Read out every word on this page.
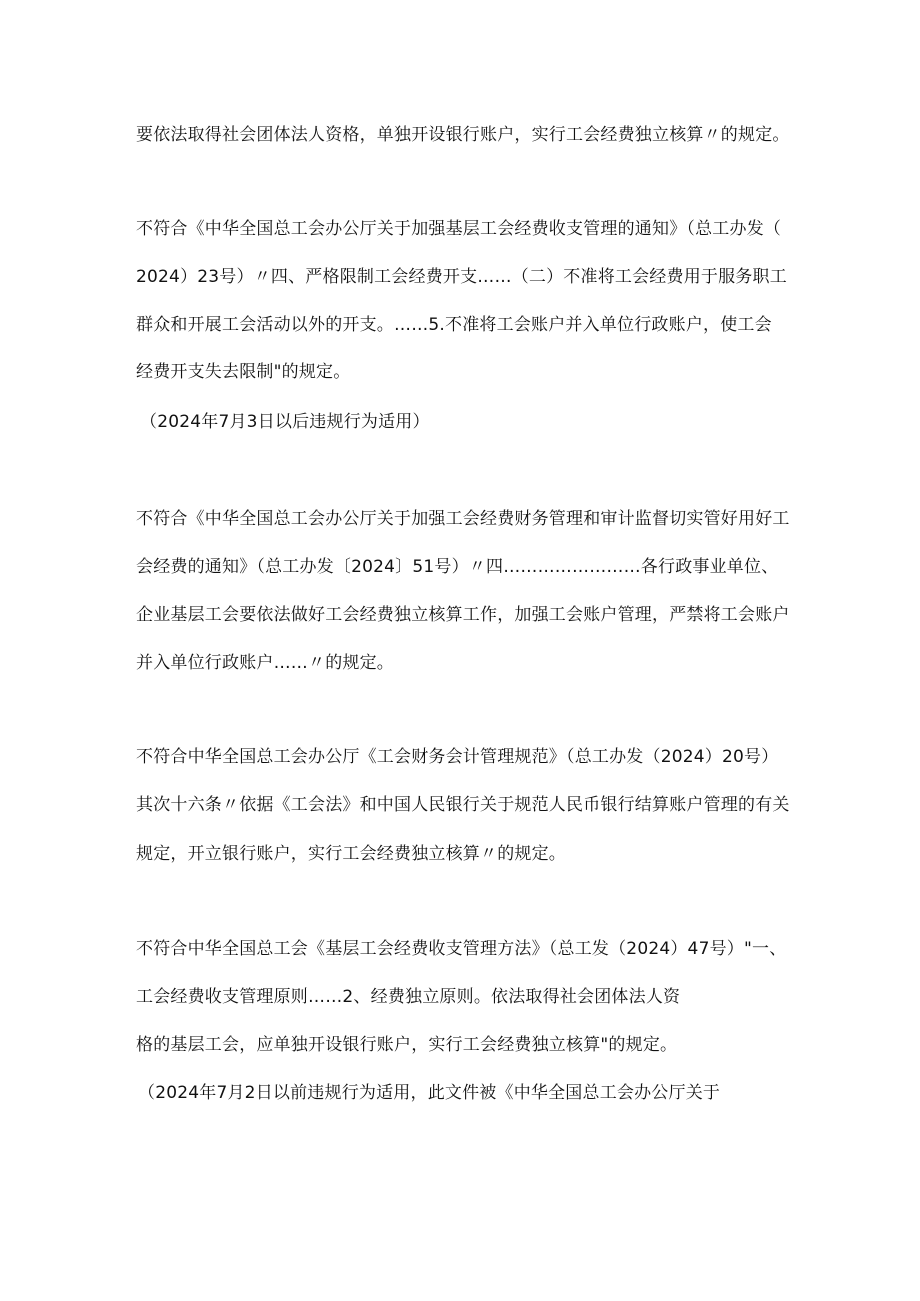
要依法取得社会团体法人资格，单独开设银行账户，实行工会经费独立核算〃的规定。
不符合《中华全国总工会办公厅关于加强基层工会经费收支管理的通知》（总工办发（
2024）23号）〃四、严格限制工会经费开支……（二）不准将工会经费用于服务职工
群众和开展工会活动以外的开支。……5.不准将工会账户并入单位行政账户，使工会
经费开支失去限制"的规定。
（2024年7月3日以后违规行为适用）
不符合《中华全国总工会办公厅关于加强工会经费财务管理和审计监督切实管好用好工
会经费的通知》（总工办发〔2024〕51号）〃四……………………各行政事业单位、
企业基层工会要依法做好工会经费独立核算工作，加强工会账户管理，严禁将工会账户
并入单位行政账户……〃的规定。
不符合中华全国总工会办公厅《工会财务会计管理规范》（总工办发（2024）20号）
其次十六条〃依据《工会法》和中国人民银行关于规范人民币银行结算账户管理的有关
规定，开立银行账户，实行工会经费独立核算〃的规定。
不符合中华全国总工会《基层工会经费收支管理方法》（总工发（2024）47号）"一、
工会经费收支管理原则……2、经费独立原则。依法取得社会团体法人资
格的基层工会，应单独开设银行账户，实行工会经费独立核算"的规定。
（2024年7月2日以前违规行为适用，此文件被《中华全国总工会办公厅关于
